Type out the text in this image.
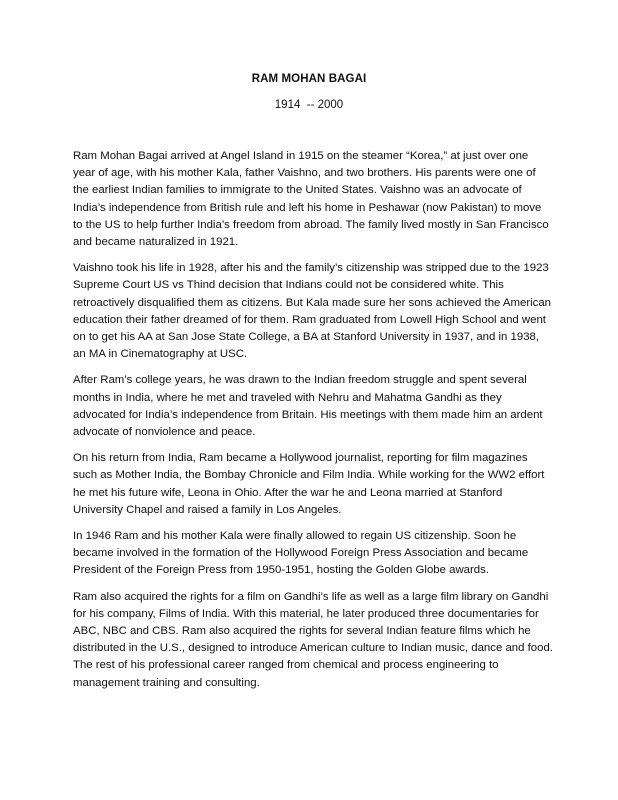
RAM MOHAN BAGAI
1914  -- 2000

Ram Mohan Bagai arrived at Angel Island in 1915 on the steamer “Korea,” at just over one year of age, with his mother Kala, father Vaishno, and two brothers. His parents were one of the earliest Indian families to immigrate to the United States. Vaishno was an advocate of India’s independence from British rule and left his home in Peshawar (now Pakistan) to move to the US to help further India’s freedom from abroad. The family lived mostly in San Francisco and became naturalized in 1921.

Vaishno took his life in 1928, after his and the family’s citizenship was stripped due to the 1923 Supreme Court US vs Thind decision that Indians could not be considered white. This retroactively disqualified them as citizens. But Kala made sure her sons achieved the American education their father dreamed of for them. Ram graduated from Lowell High School and went on to get his AA at San Jose State College, a BA at Stanford University in 1937, and in 1938, an MA in Cinematography at USC.

After Ram’s college years, he was drawn to the Indian freedom struggle and spent several months in India, where he met and traveled with Nehru and Mahatma Gandhi as they advocated for India’s independence from Britain. His meetings with them made him an ardent advocate of nonviolence and peace.

On his return from India, Ram became a Hollywood journalist, reporting for film magazines such as Mother India, the Bombay Chronicle and Film India. While working for the WW2 effort he met his future wife, Leona in Ohio. After the war he and Leona married at Stanford University Chapel and raised a family in Los Angeles.

In 1946 Ram and his mother Kala were finally allowed to regain US citizenship. Soon he became involved in the formation of the Hollywood Foreign Press Association and became President of the Foreign Press from 1950-1951, hosting the Golden Globe awards.

Ram also acquired the rights for a film on Gandhi’s life as well as a large film library on Gandhi for his company, Films of India. With this material, he later produced three documentaries for ABC, NBC and CBS. Ram also acquired the rights for several Indian feature films which he distributed in the U.S., designed to introduce American culture to Indian music, dance and food. The rest of his professional career ranged from chemical and process engineering to management training and consulting.
